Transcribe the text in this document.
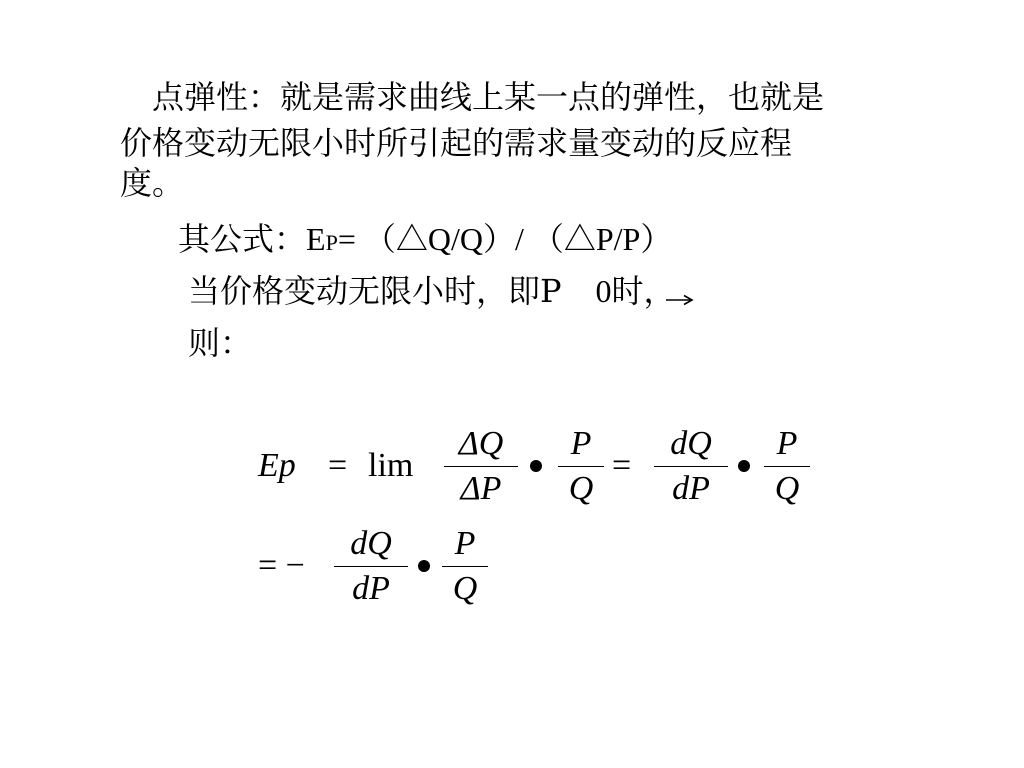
点弹性：就是需求曲线上某一点的弹性，也就是
价格变动无限小时所引起的需求量变动的反应程
度。
其公式：EP= （△Q/Q）/ （△P/P）
当价格变动无限小时，即P 0时，
则：
Ep = lim
ΔQ
ΔP
P
Q
=
dQ
dP
P
Q
= −
dQ
dP
P
Q
